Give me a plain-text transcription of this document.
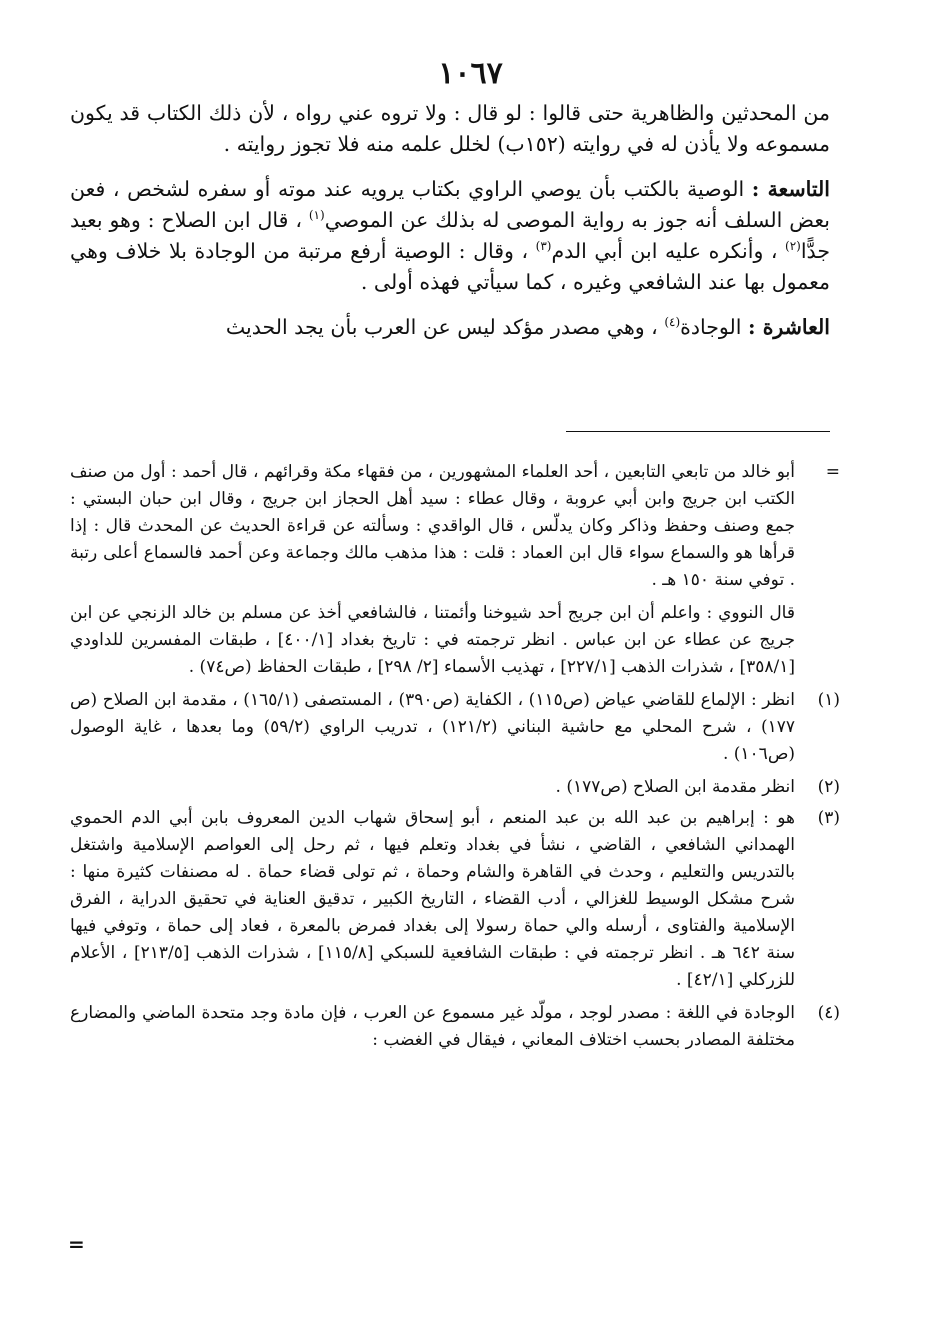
١٠٦٧

من المحدثين والظاهرية حتى قالوا : لو قال : ولا تروه عني رواه ، لأن ذلك الكتاب قد يكون مسموعه ولا يأذن له في روايته (١٥٢ب) لخلل علمه منه فلا تجوز روايته .

التاسعة : الوصية بالكتب بأن يوصي الراوي بكتاب يرويه عند موته أو سفره لشخص ، فعن بعض السلف أنه جوز به رواية الموصى له بذلك عن الموصي$^{(١)}$ ، قال ابن الصلاح : وهو بعيد جدًّا$^{(٢)}$ ، وأنكره عليه ابن أبي الدم$^{(٣)}$ ، وقال : الوصية أرفع مرتبة من الوجادة بلا خلاف وهي معمول بها عند الشافعي وغيره ، كما سيأتي فهذه أولى .

العاشرة : الوجادة$^{(٤)}$ ، وهي مصدر مؤكد ليس عن العرب بأن يجد الحديث

=
أبو خالد من تابعي التابعين ، أحد العلماء المشهورين ، من فقهاء مكة وقرائهم ، قال أحمد : أول من صنف الكتب ابن جريج وابن أبي عروبة ، وقال عطاء : سيد أهل الحجاز ابن جريج ، وقال ابن حبان البستي : جمع وصنف وحفظ وذاكر وكان يدلّس ، قال الواقدي : وسألته عن قراءة الحديث عن المحدث قال : إذا قرأها هو والسماع سواء قال ابن العماد : قلت : هذا مذهب مالك وجماعة وعن أحمد فالسماع أعلى رتبة . توفي سنة ١٥٠ هـ .
قال النووي : واعلم أن ابن جريج أحد شيوخنا وأئمتنا ، فالشافعي أخذ عن مسلم بن خالد الزنجي عن ابن جريج عن عطاء عن ابن عباس . انظر ترجمته في : تاريخ بغداد [٤٠٠/١] ، طبقات المفسرين للداودي [٣٥٨/١] ، شذرات الذهب [٢٢٧/١] ، تهذيب الأسماء [٢/ ٢٩٨] ، طبقات الحفاظ (ص٧٤) .
(١)
انظر : الإلماع للقاضي عياض (ص١١٥) ، الكفاية (ص٣٩٠) ، المستصفى (١٦٥/١) ، مقدمة ابن الصلاح (ص ١٧٧) ، شرح المحلي مع حاشية البناني (١٢١/٢) ، تدريب الراوي (٥٩/٢) وما بعدها ، غاية الوصول (ص١٠٦) .
(٢)
انظر مقدمة ابن الصلاح (ص١٧٧) .
(٣)
هو : إبراهيم بن عبد الله بن عبد المنعم ، أبو إسحاق شهاب الدين المعروف بابن أبي الدم الحموي الهمداني الشافعي ، القاضي ، نشأ في بغداد وتعلم فيها ، ثم رحل إلى العواصم الإسلامية واشتغل بالتدريس والتعليم ، وحدث في القاهرة والشام وحماة ، ثم تولى قضاء حماة . له مصنفات كثيرة منها : شرح مشكل الوسيط للغزالي ، أدب القضاء ، التاريخ الكبير ، تدقيق العناية في تحقيق الدراية ، الفرق الإسلامية والفتاوى ، أرسله والي حماة رسولا إلى بغداد فمرض بالمعرة ، فعاد إلى حماة ، وتوفي فيها سنة ٦٤٢ هـ . انظر ترجمته في : طبقات الشافعية للسبكي [١١٥/٨] ، شذرات الذهب [٢١٣/٥] ، الأعلام للزركلي [٤٢/١] .
(٤)
الوجادة في اللغة : مصدر لوجد ، مولّد غير مسموع عن العرب ، فإن مادة وجد متحدة الماضي والمضارع مختلفة المصادر بحسب اختلاف المعاني ، فيقال في الغضب :
=
